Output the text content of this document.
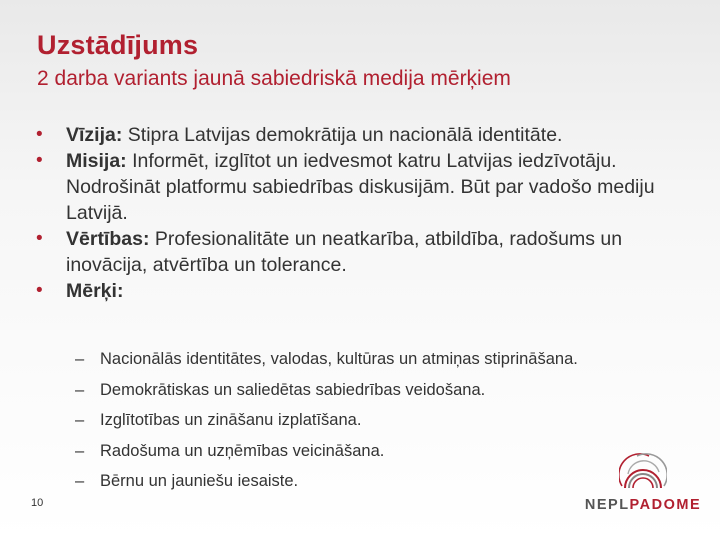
Uzstādījums
2 darba variants jaunā sabiedriskā medija mērķiem
• Vīzija: Stipra Latvijas demokrātija un nacionālā identitāte.
• Misija: Informēt, izglītot un iedvesmot katru Latvijas iedzīvotāju. Nodrošināt platformu sabiedrības diskusijām. Būt par vadošo mediju Latvijā.
• Vērtības: Profesionalitāte un neatkarība, atbildība, radošums un inovācija, atvērtība un tolerance.
• Mērķi:
– Nacionālās identitātes, valodas, kultūras un atmiņas stiprināšana.
– Demokrātiskas un saliedētas sabiedrības veidošana.
– Izglītotības un zināšanu izplatīšana.
– Radošuma un uzņēmības veicināšana.
– Bērnu un jauniešu iesaiste.
10	NEPLPADOME
